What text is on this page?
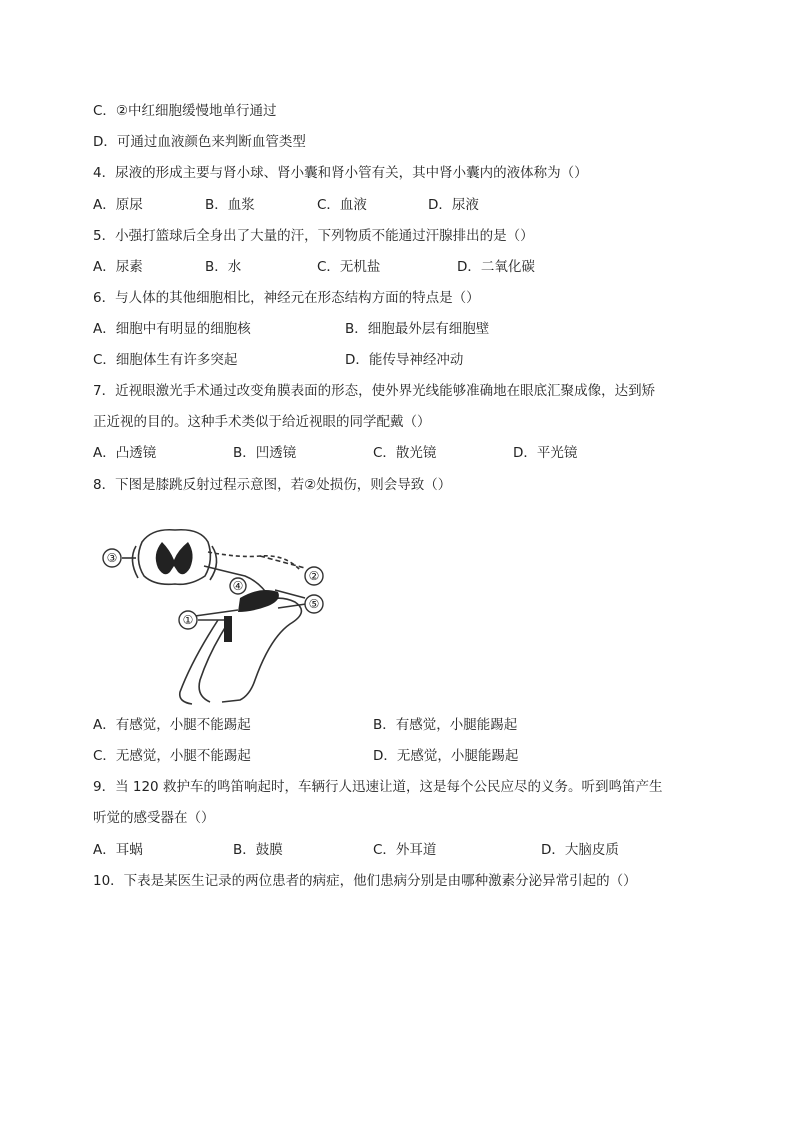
C．②中红细胞缓慢地单行通过
D．可通过血液颜色来判断血管类型
4．尿液的形成主要与肾小球、肾小囊和肾小管有关，其中肾小囊内的液体称为（）
A．原尿	B．血浆	C．血液	D．尿液
5．小强打篮球后全身出了大量的汗，下列物质不能通过汗腺排出的是（）
A．尿素	B．水	C．无机盐	D．二氧化碳
6．与人体的其他细胞相比，神经元在形态结构方面的特点是（）
A．细胞中有明显的细胞核	B．细胞最外层有细胞壁
C．细胞体生有许多突起	D．能传导神经冲动
7．近视眼激光手术通过改变角膜表面的形态，使外界光线能够准确地在眼底汇聚成像，达到矫
正近视的目的。这种手术类似于给近视眼的同学配戴（）
A．凸透镜	B．凹透镜	C．散光镜	D．平光镜
8．下图是膝跳反射过程示意图，若②处损伤，则会导致（）
③
②
④
⑤
①
A．有感觉，小腿不能踢起	B．有感觉，小腿能踢起
C．无感觉，小腿不能踢起	D．无感觉，小腿能踢起
9．当 120 救护车的鸣笛响起时，车辆行人迅速让道，这是每个公民应尽的义务。听到鸣笛产生
听觉的感受器在（）
A．耳蜗	B．鼓膜	C．外耳道	D．大脑皮质
10．下表是某医生记录的两位患者的病症，他们患病分别是由哪种激素分泌异常引起的（）
